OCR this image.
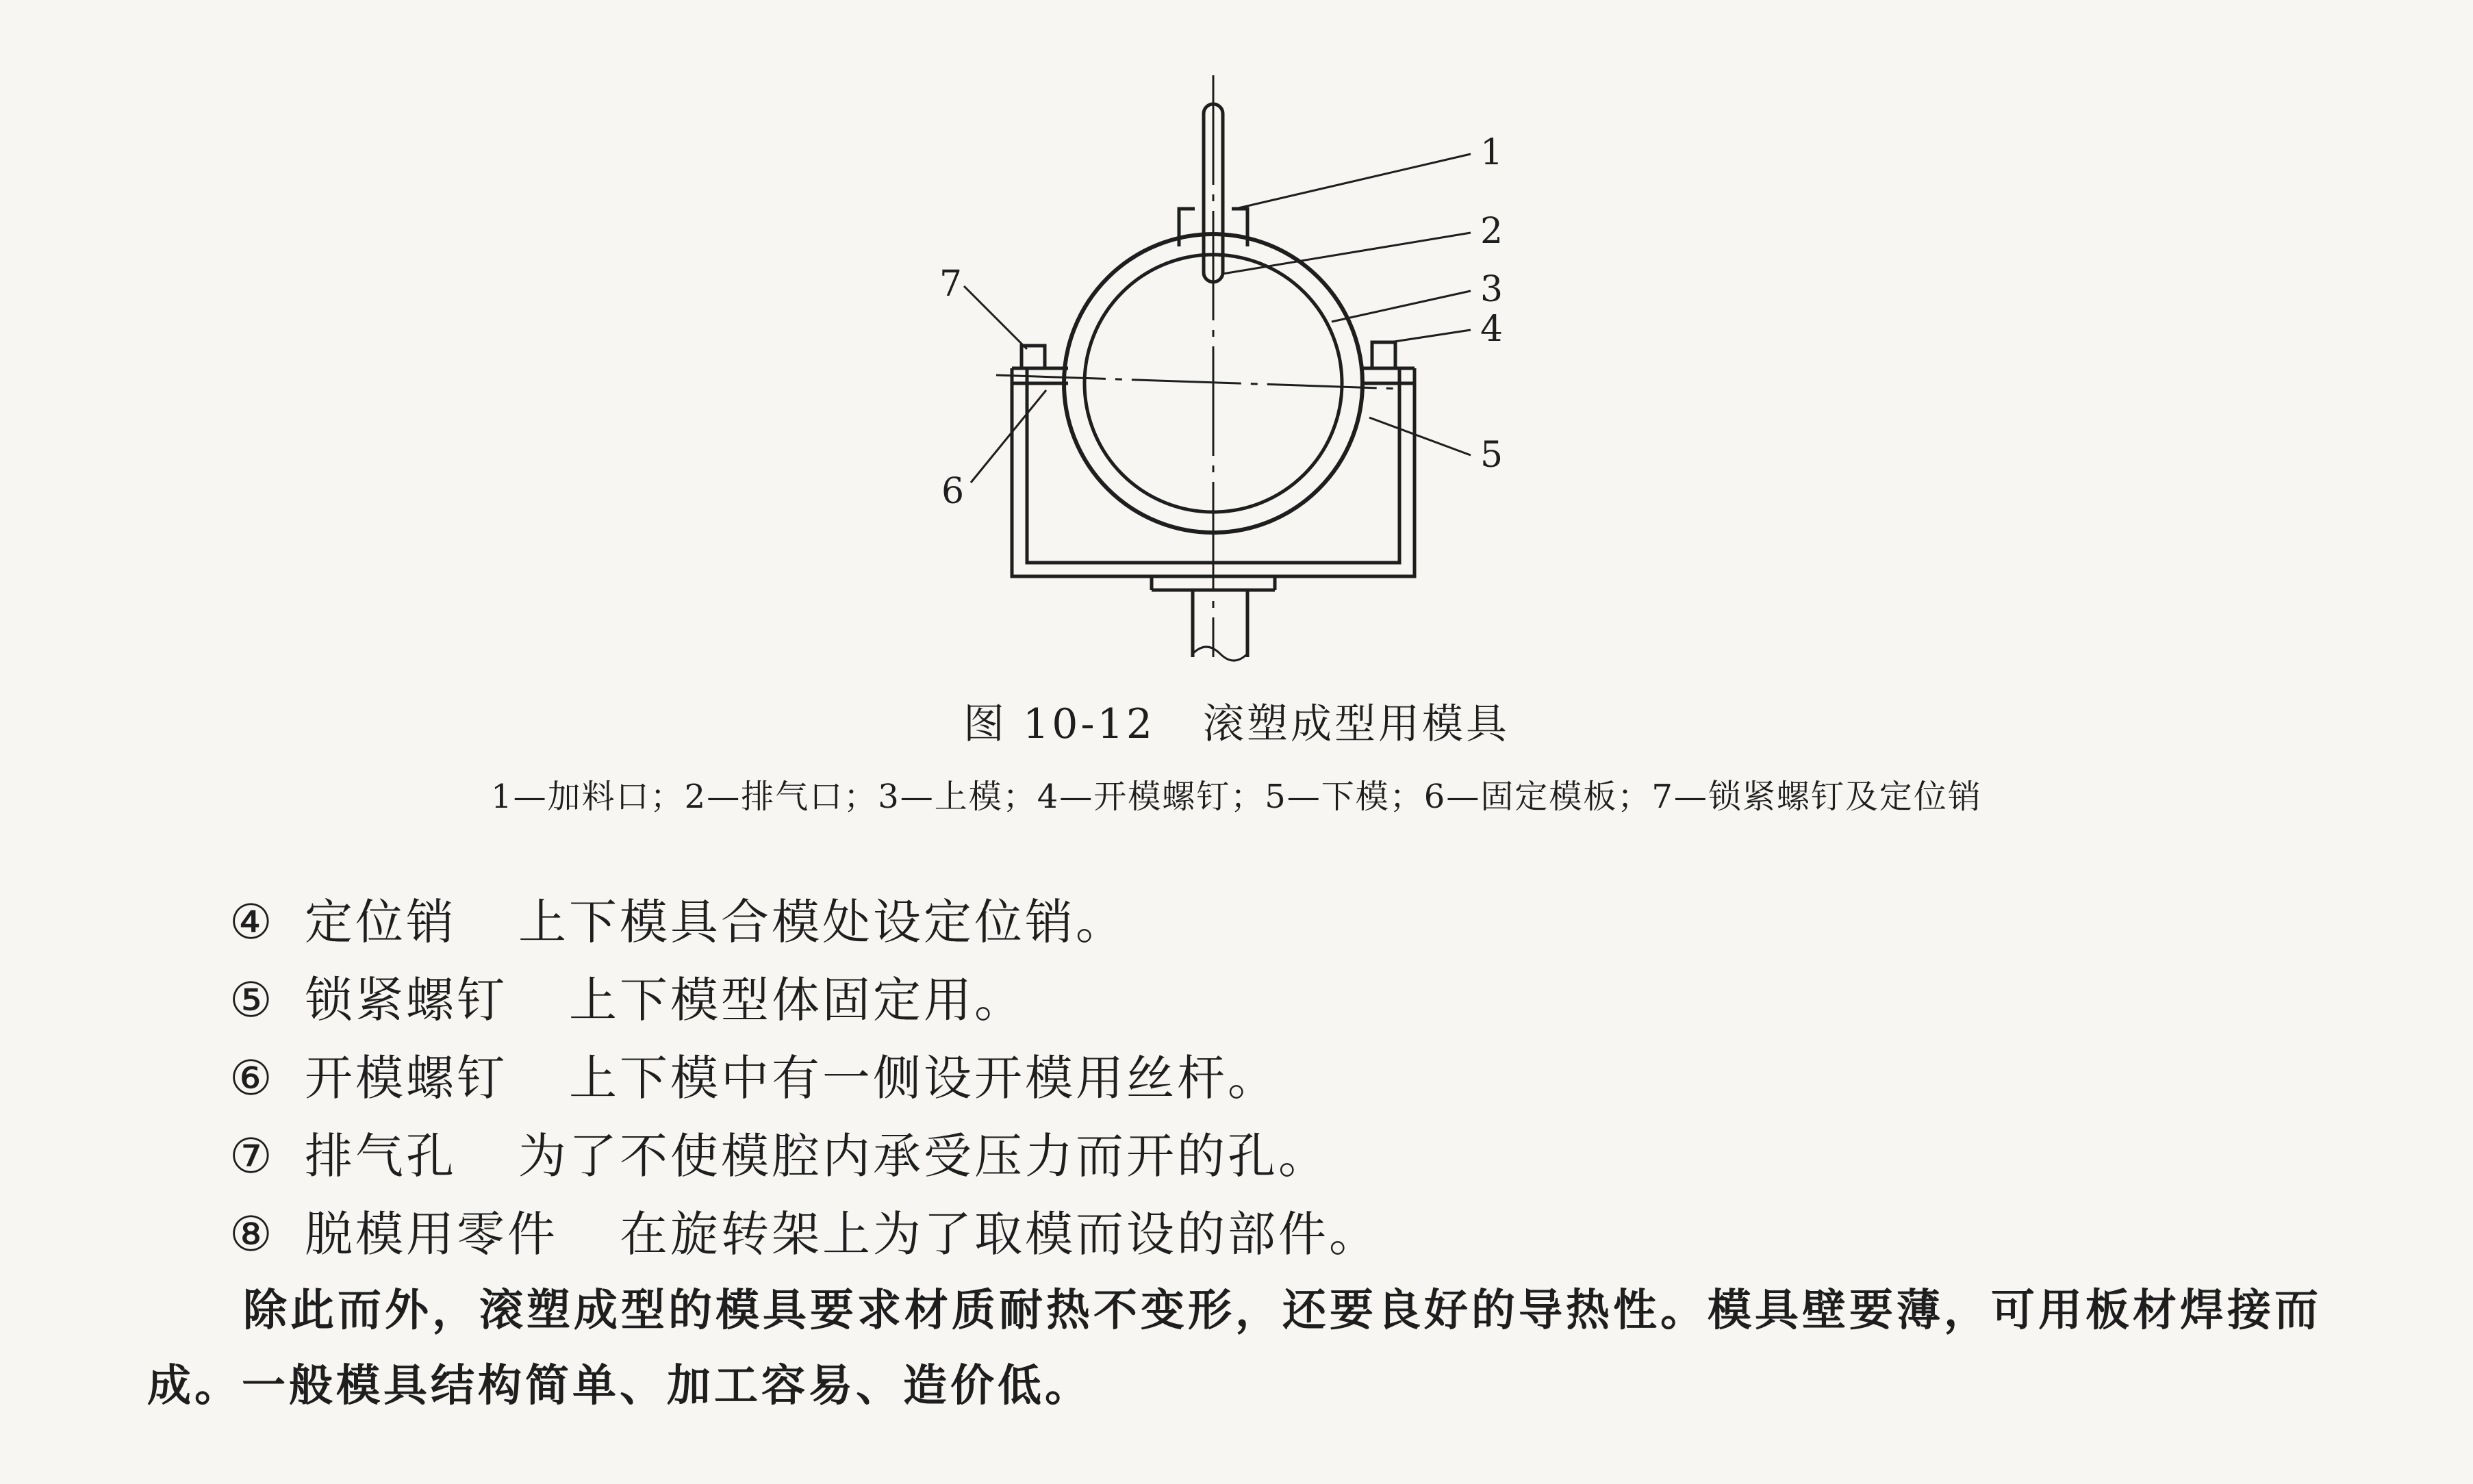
1
2
3
4
5
6
7
图 10-12 滚塑成型用模具
1—加料口；2—排气口；3—上模；4—开模螺钉；5—下模；6—固定模板；7—锁紧螺钉及定位销
④ 定位销 上下模具合模处设定位销。
⑤ 锁紧螺钉 上下模型体固定用。
⑥ 开模螺钉 上下模中有一侧设开模用丝杆。
⑦ 排气孔 为了不使模腔内承受压力而开的孔。
⑧ 脱模用零件 在旋转架上为了取模而设的部件。
除此而外，滚塑成型的模具要求材质耐热不变形，还要良好的导热性。模具壁要薄，可用板材焊接而成。一般模具结构简单、加工容易、造价低。
